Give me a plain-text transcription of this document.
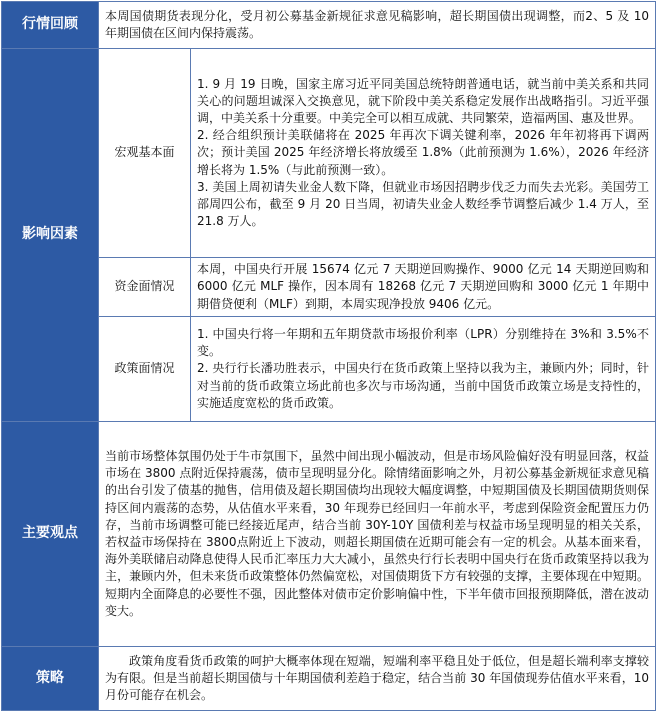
行情回顾	本周国债期货表现分化，受月初公募基金新规征求意见稿影响，超长期国债出现调整，而2、5 及 10 年期国债在区间内保持震荡。	

影响因素	宏观基本面	1. 9 月 19 日晚，国家主席习近平同美国总统特朗普通电话，就当前中美关系和共同关心的问题坦诚深入交换意见，就下阶段中美关系稳定发展作出战略指引。习近平强调，中美关系十分重要。中美完全可以相互成就、共同繁荣，造福两国、惠及世界。

2. 经合组织预计美联储将在 2025 年再次下调关键利率，2026 年年初将再下调两次；预计美国 2025 年经济增长将放缓至 1.8%（此前预测为 1.6%），2026 年经济增长将为 1.5%（与此前预测一致）。

3. 美国上周初请失业金人数下降，但就业市场因招聘步伐乏力而失去光彩。美国劳工部周四公布，截至 9 月 20 日当周，初请失业金人数经季节调整后减少 1.4 万人，至 21.8 万人。

	资金面情况	本周，中国央行开展 15674 亿元 7 天期逆回购操作、9000 亿元 14 天期逆回购和 6000 亿元 MLF 操作，因本周有 18268 亿元 7 天期逆回购和 3000 亿元 1 年期中期借贷便利（MLF）到期，本周实现净投放 9406 亿元。

	政策面情况	1. 中国央行将一年期和五年期贷款市场报价利率（LPR）分别维持在 3%和 3.5%不变。

2. 央行行长潘功胜表示，中国央行在货币政策上坚持以我为主，兼顾内外；同时，针对当前的货币政策立场此前也多次与市场沟通，当前中国货币政策立场是支持性的，实施适度宽松的货币政策。

主要观点	当前市场整体氛围仍处于牛市氛围下，虽然中间出现小幅波动，但是市场风险偏好没有明显回落，权益市场在 3800 点附近保持震荡，债市呈现明显分化。除情绪面影响之外，月初公募基金新规征求意见稿的出台引发了债基的抛售，信用债及超长期国债均出现较大幅度调整，中短期国债及长期国债期货则保持区间内震荡的态势，从估值水平来看，30 年现券已经回归一年前水平，考虑到保险资金配置压力仍存，当前市场调整可能已经接近尾声，结合当前 30Y-10Y 国债利差与权益市场呈现明显的相关关系，若权益市场保持在 3800点附近上下波动，则超长期国债在近期可能会有一定的机会。从基本面来看，海外美联储启动降息使得人民币汇率压力大大减小，虽然央行行长表明中国央行在货币政策坚持以我为主，兼顾内外，但未来货币政策整体仍然偏宽松，对国债期货下方有较强的支撑，主要体现在中短期。短期内全面降息的必要性不强，因此整体对债市定价影响偏中性，下半年债市回报预期降低，潜在波动变大。	

策略	政策角度看货币政策的呵护大概率体现在短端，短端利率平稳且处于低位，但是超长端利率支撑较为有限。但是当前超长期国债与十年期国债利差趋于稳定，结合当前 30 年国债现券估值水平来看，10 月份可能存在机会。	
